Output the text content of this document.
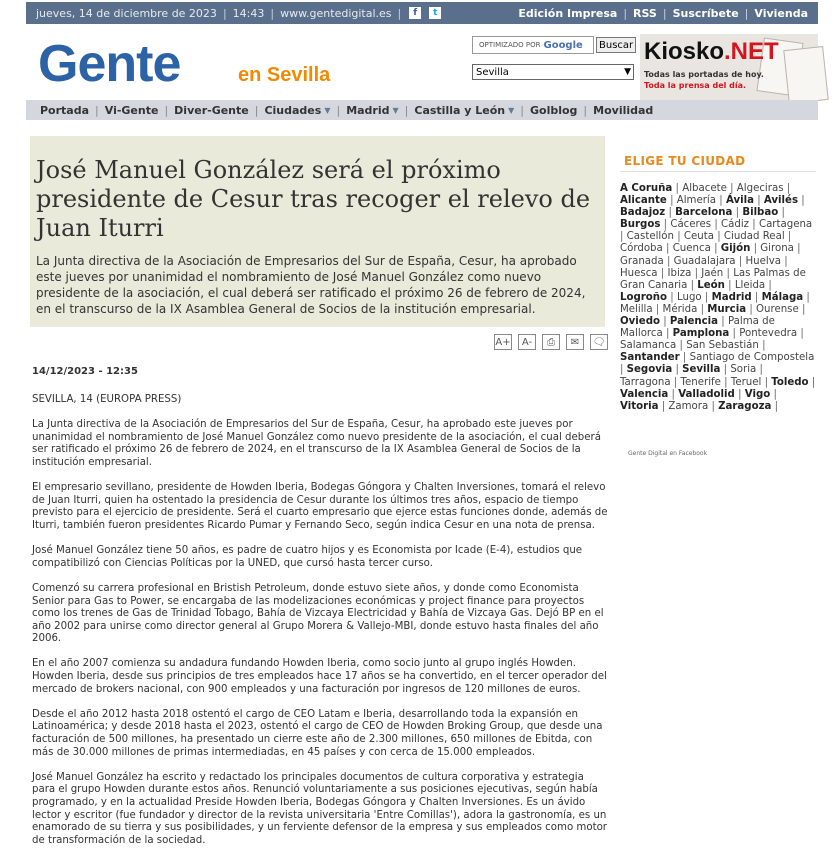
jueves, 14 de diciembre de 2023 | 14:43 | www.gentedigital.es |	f	t	Edición Impresa | RSS | Suscríbete | Vivienda
Gente	en Sevilla
OPTIMIZADO POR Google	Buscar
Sevilla	▼
Kiosko.NET
Todas las portadas de hoy.
Toda la prensa del día.
Portada | Vi-Gente | Diver-Gente | Ciudades ▼ | Madrid ▼ | Castilla y León ▼ | Golblog | Movilidad
José Manuel González será el próximo presidente de Cesur tras recoger el relevo de Juan Iturri
La Junta directiva de la Asociación de Empresarios del Sur de España, Cesur, ha aprobado este jueves por unanimidad el nombramiento de José Manuel González como nuevo presidente de la asociación, el cual deberá ser ratificado el próximo 26 de febrero de 2024, en el transcurso de la IX Asamblea General de Socios de la institución empresarial.
A+	A-	⎙	✉	🗨
14/12/2023 - 12:35

SEVILLA, 14 (EUROPA PRESS)

La Junta directiva de la Asociación de Empresarios del Sur de España, Cesur, ha aprobado este jueves por unanimidad el nombramiento de José Manuel González como nuevo presidente de la asociación, el cual deberá ser ratificado el próximo 26 de febrero de 2024, en el transcurso de la IX Asamblea General de Socios de la institución empresarial.

El empresario sevillano, presidente de Howden Iberia, Bodegas Góngora y Chalten Inversiones, tomará el relevo de Juan Iturri, quien ha ostentado la presidencia de Cesur durante los últimos tres años, espacio de tiempo previsto para el ejercicio de presidente. Será el cuarto empresario que ejerce estas funciones donde, además de Iturri, también fueron presidentes Ricardo Pumar y Fernando Seco, según indica Cesur en una nota de prensa.

José Manuel González tiene 50 años, es padre de cuatro hijos y es Economista por Icade (E-4), estudios que compatibilizó con Ciencias Políticas por la UNED, que cursó hasta tercer curso.

Comenzó su carrera profesional en Bristish Petroleum, donde estuvo siete años, y donde como Economista Senior para Gas to Power, se encargaba de las modelizaciones económicas y project finance para proyectos como los trenes de Gas de Trinidad Tobago, Bahía de Vizcaya Electricidad y Bahía de Vizcaya Gas. Dejó BP en el año 2002 para unirse como director general al Grupo Morera & Vallejo-MBI, donde estuvo hasta finales del año 2006.

En el año 2007 comienza su andadura fundando Howden Iberia, como socio junto al grupo inglés Howden. Howden Iberia, desde sus principios de tres empleados hace 17 años se ha convertido, en el tercer operador del mercado de brokers nacional, con 900 empleados y una facturación por ingresos de 120 millones de euros.

Desde el año 2012 hasta 2018 ostentó el cargo de CEO Latam e Iberia, desarrollando toda la expansión en Latinoamérica; y desde 2018 hasta el 2023, ostentó el cargo de CEO de Howden Broking Group, que desde una facturación de 500 millones, ha presentado un cierre este año de 2.300 millones, 650 millones de Ebitda, con más de 30.000 millones de primas intermediadas, en 45 países y con cerca de 15.000 empleados.

José Manuel González ha escrito y redactado los principales documentos de cultura corporativa y estrategia para el grupo Howden durante estos años. Renunció voluntariamente a sus posiciones ejecutivas, según había programado, y en la actualidad Preside Howden Iberia, Bodegas Góngora y Chalten Inversiones. Es un ávido lector y escritor (fue fundador y director de la revista universitaria 'Entre Comillas'), adora la gastronomía, es un enamorado de su tierra y sus posibilidades, y un ferviente defensor de la empresa y sus empleados como motor de transformación de la sociedad.

ELIGE TU CIUDAD
A Coruña | Albacete | Algeciras | Alicante | Almería | Ávila | Avilés | Badajoz | Barcelona | Bilbao | Burgos | Cáceres | Cádiz | Cartagena | Castellón | Ceuta | Ciudad Real | Córdoba | Cuenca | Gijón | Girona | Granada | Guadalajara | Huelva | Huesca | Ibiza | Jaén | Las Palmas de Gran Canaria | León | Lleida | Logroño | Lugo | Madrid | Málaga | Melilla | Mérida | Murcia | Ourense | Oviedo | Palencia | Palma de Mallorca | Pamplona | Pontevedra | Salamanca | San Sebastián | Santander | Santiago de Compostela | Segovia | Sevilla | Soria | Tarragona | Tenerife | Teruel | Toledo | Valencia | Valladolid | Vigo | Vitoria | Zamora | Zaragoza |
Gente Digital en Facebook
